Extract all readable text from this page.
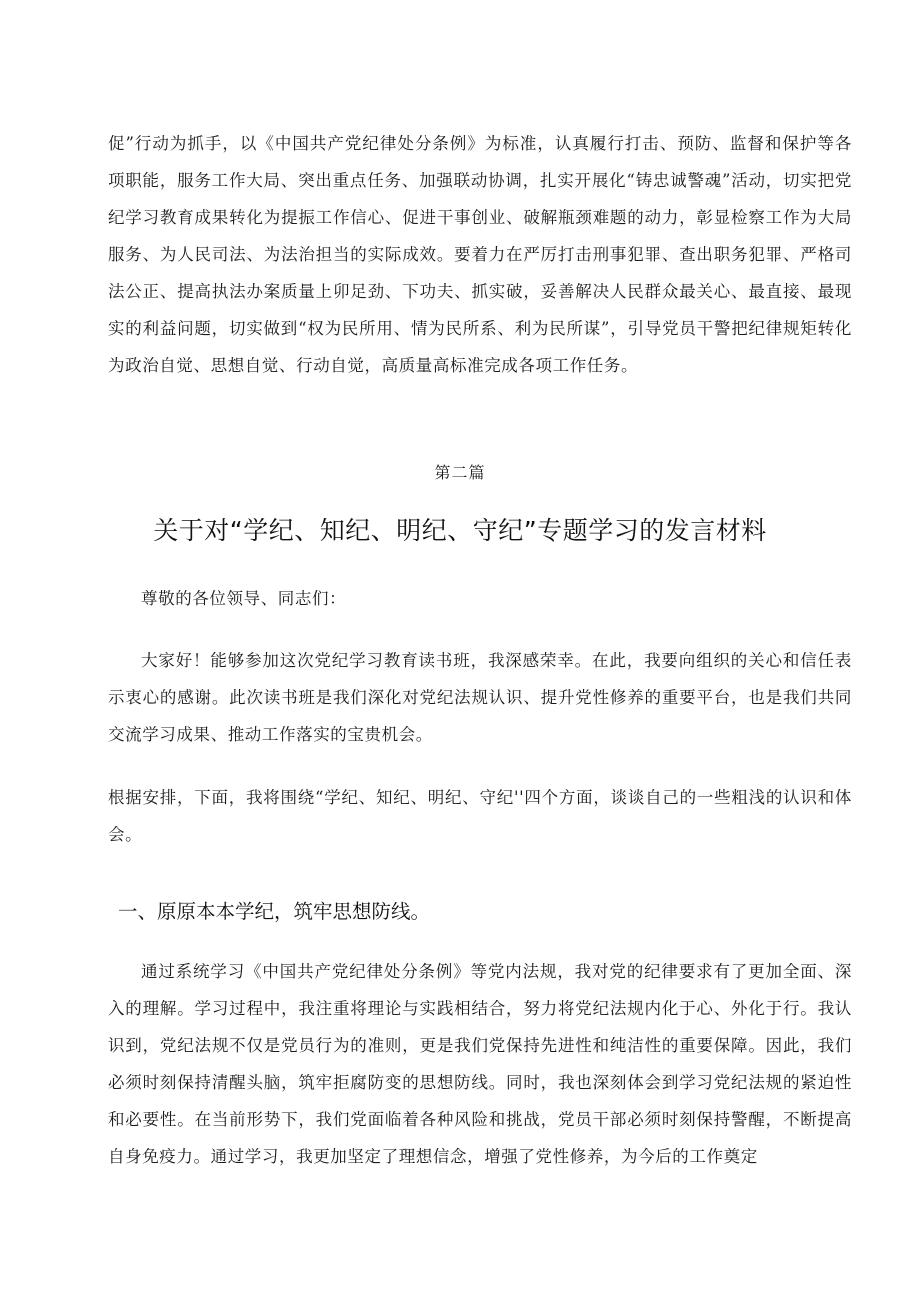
促”行动为抓手，以《中国共产党纪律处分条例》为标准，认真履行打击、预防、监督和保护等各项职能，服务工作大局、突出重点任务、加强联动协调，扎实开展化“铸忠诚警魂”活动，切实把党纪学习教育成果转化为提振工作信心、促进干事创业、破解瓶颈难题的动力，彰显检察工作为大局服务、为人民司法、为法治担当的实际成效。要着力在严厉打击刑事犯罪、查出职务犯罪、严格司法公正、提高执法办案质量上卯足劲、下功夫、抓实破，妥善解决人民群众最关心、最直接、最现实的利益问题，切实做到“权为民所用、情为民所系、利为民所谋”，引导党员干警把纪律规矩转化为政治自觉、思想自觉、行动自觉，高质量高标准完成各项工作任务。

第二篇
关于对“学纪、知纪、明纪、守纪”专题学习的发言材料

尊敬的各位领导、同志们：

大家好！能够参加这次党纪学习教育读书班，我深感荣幸。在此，我要向组织的关心和信任表示衷心的感谢。此次读书班是我们深化对党纪法规认识、提升党性修养的重要平台，也是我们共同交流学习成果、推动工作落实的宝贵机会。

根据安排，下面，我将围绕“学纪、知纪、明纪、守纪''四个方面，谈谈自己的一些粗浅的认识和体会。

一、原原本本学纪，筑牢思想防线。

通过系统学习《中国共产党纪律处分条例》等党内法规，我对党的纪律要求有了更加全面、深入的理解。学习过程中，我注重将理论与实践相结合，努力将党纪法规内化于心、外化于行。我认识到，党纪法规不仅是党员行为的准则，更是我们党保持先进性和纯洁性的重要保障。因此，我们必须时刻保持清醒头脑，筑牢拒腐防变的思想防线。同时，我也深刻体会到学习党纪法规的紧迫性和必要性。在当前形势下，我们党面临着各种风险和挑战，党员干部必须时刻保持警醒，不断提高自身免疫力。通过学习，我更加坚定了理想信念，增强了党性修养，为今后的工作奠定
